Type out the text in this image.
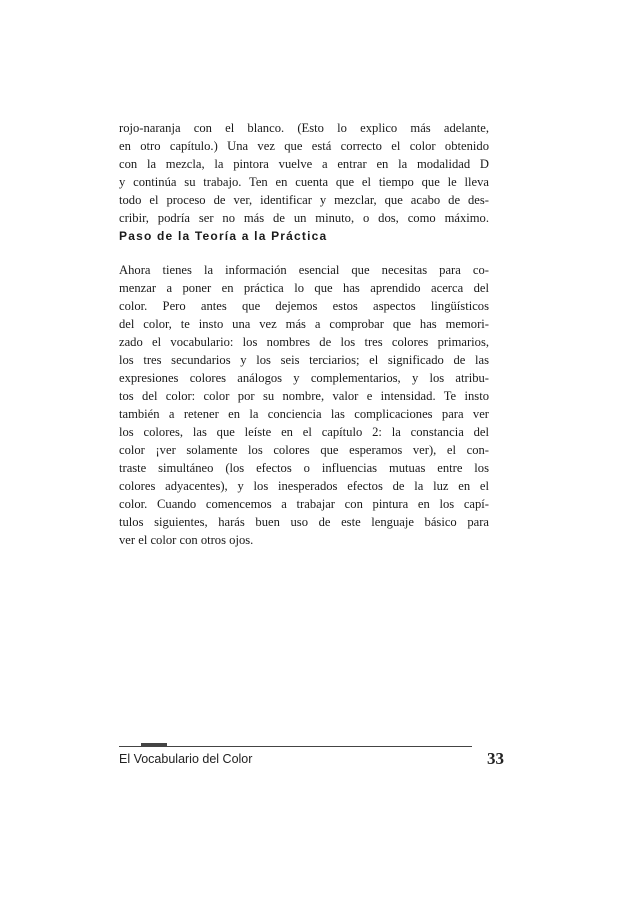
rojo-naranja con el blanco. (Esto lo explico más adelante,
en otro capítulo.) Una vez que está correcto el color obtenido
con la mezcla, la pintora vuelve a entrar en la modalidad D
y continúa su trabajo. Ten en cuenta que el tiempo que le lleva
todo el proceso de ver, identificar y mezclar, que acabo de des-
cribir, podría ser no más de un minuto, o dos, como máximo.
Paso de la Teoría a la Práctica
Ahora tienes la información esencial que necesitas para co-
menzar a poner en práctica lo que has aprendido acerca del
color. Pero antes que dejemos estos aspectos lingüísticos
del color, te insto una vez más a comprobar que has memori-
zado el vocabulario: los nombres de los tres colores primarios,
los tres secundarios y los seis terciarios; el significado de las
expresiones colores análogos y complementarios, y los atribu-
tos del color: color por su nombre, valor e intensidad. Te insto
también a retener en la conciencia las complicaciones para ver
los colores, las que leíste en el capítulo 2: la constancia del
color ¡ver solamente los colores que esperamos ver), el con-
traste simultáneo (los efectos o influencias mutuas entre los
colores adyacentes), y los inesperados efectos de la luz en el
color. Cuando comencemos a trabajar con pintura en los capí-
tulos siguientes, harás buen uso de este lenguaje básico para
ver el color con otros ojos.
El Vocabulario del Color	33
